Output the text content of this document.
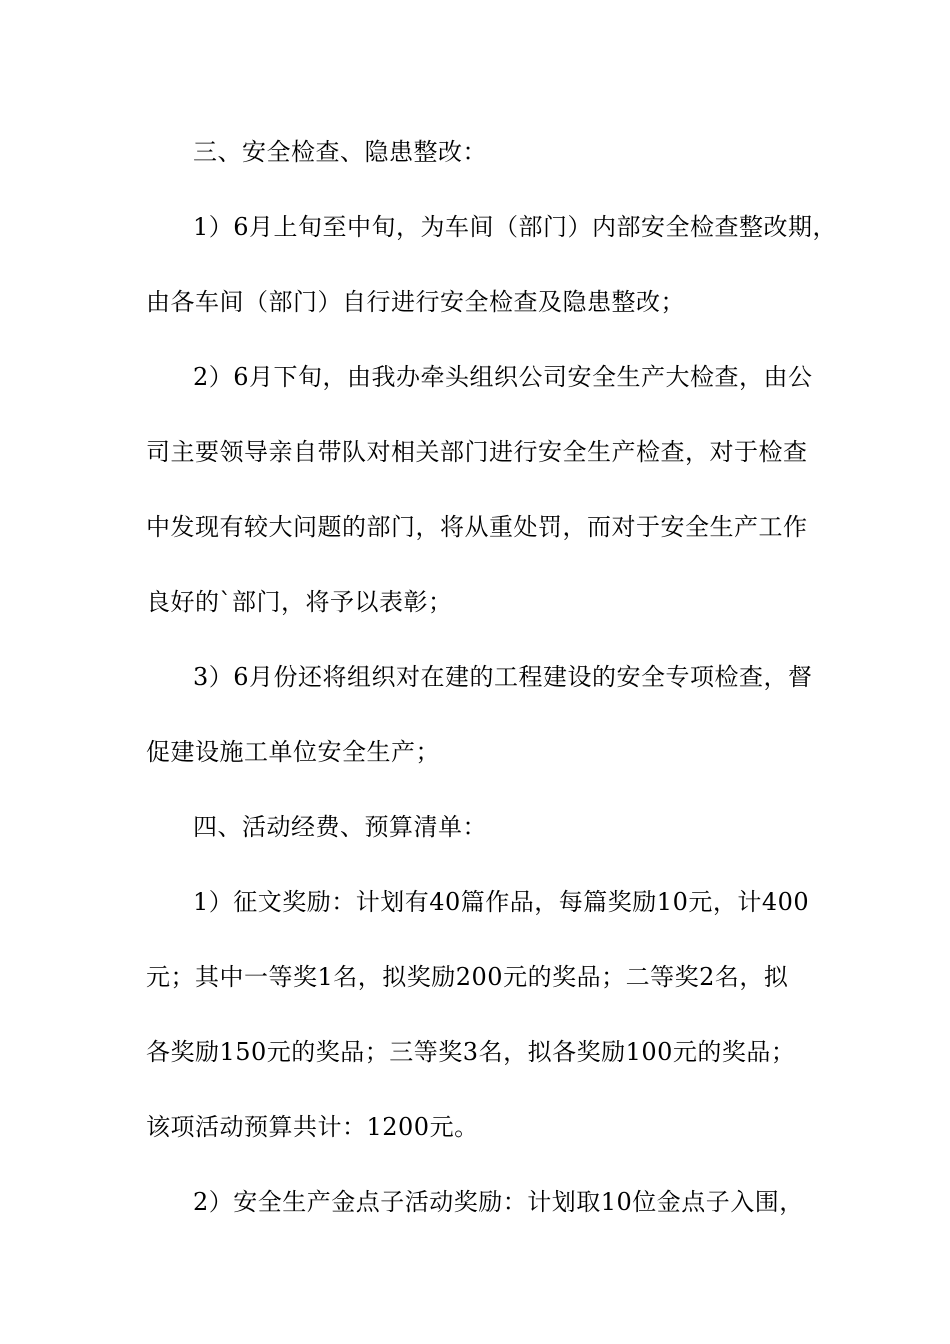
三、安全检查、隐患整改：
1）6月上旬至中旬，为车间（部门）内部安全检查整改期，
由各车间（部门）自行进行安全检查及隐患整改；
2）6月下旬，由我办牵头组织公司安全生产大检查，由公
司主要领导亲自带队对相关部门进行安全生产检查，对于检查
中发现有较大问题的部门，将从重处罚，而对于安全生产工作
良好的`部门，将予以表彰；
3）6月份还将组织对在建的工程建设的安全专项检查，督
促建设施工单位安全生产；
四、活动经费、预算清单：
1）征文奖励：计划有40篇作品，每篇奖励10元，计400
元；其中一等奖1名，拟奖励200元的奖品；二等奖2名，拟
各奖励150元的奖品；三等奖3名，拟各奖励100元的奖品；
该项活动预算共计：1200元。
2）安全生产金点子活动奖励：计划取10位金点子入围，
